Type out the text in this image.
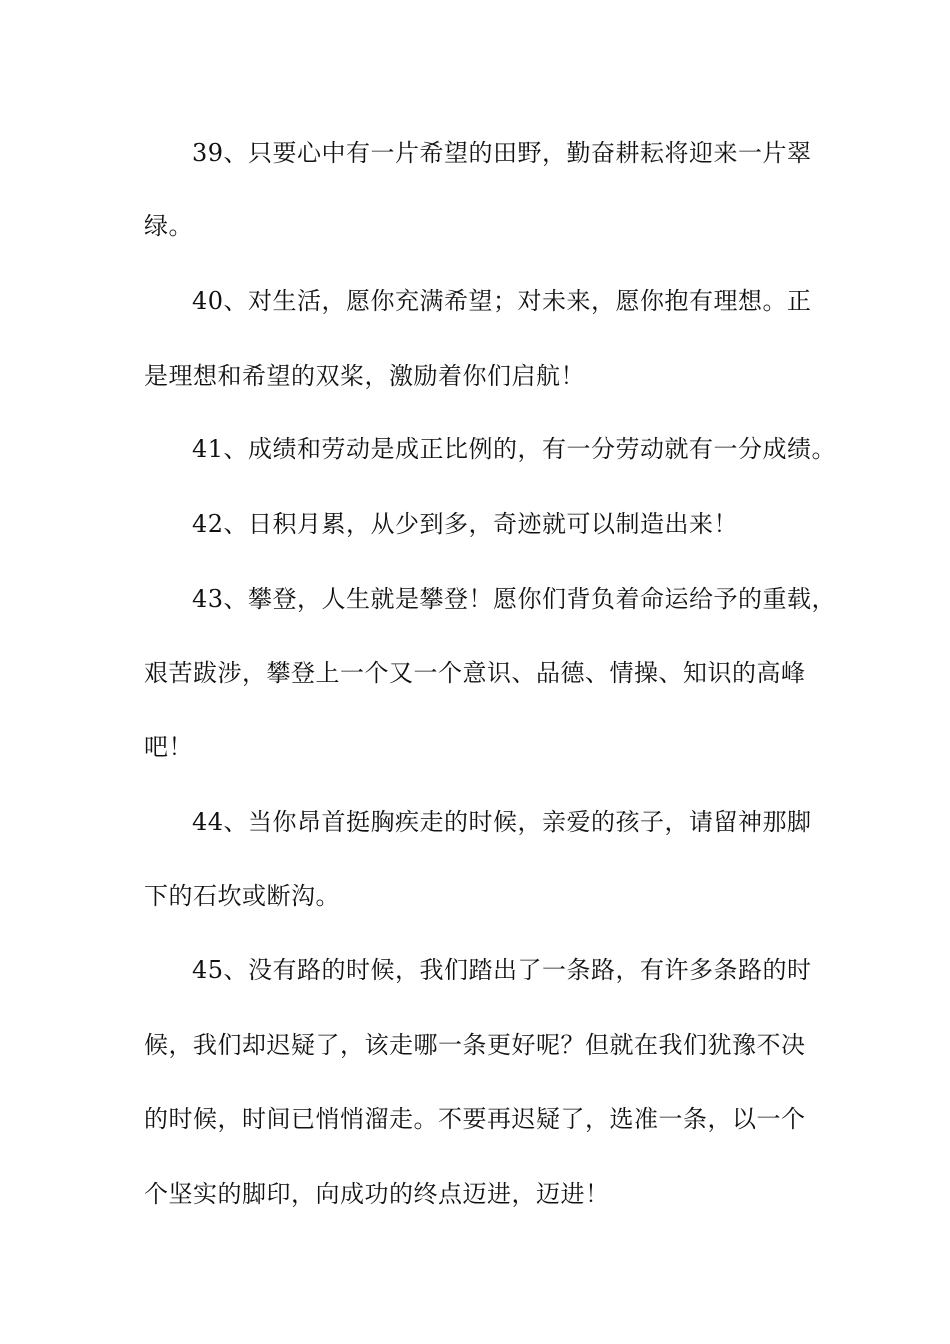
39、只要心中有一片希望的田野，勤奋耕耘将迎来一片翠
绿。
40、对生活，愿你充满希望；对未来，愿你抱有理想。正
是理想和希望的双桨，激励着你们启航！
41、成绩和劳动是成正比例的，有一分劳动就有一分成绩。
42、日积月累，从少到多，奇迹就可以制造出来！
43、攀登，人生就是攀登！愿你们背负着命运给予的重载，
艰苦跋涉，攀登上一个又一个意识、品德、情操、知识的高峰
吧！
44、当你昂首挺胸疾走的时候，亲爱的孩子，请留神那脚
下的石坎或断沟。
45、没有路的时候，我们踏出了一条路，有许多条路的时
候，我们却迟疑了，该走哪一条更好呢？但就在我们犹豫不决
的时候，时间已悄悄溜走。不要再迟疑了，选准一条，以一个
个坚实的脚印，向成功的终点迈进，迈进！
